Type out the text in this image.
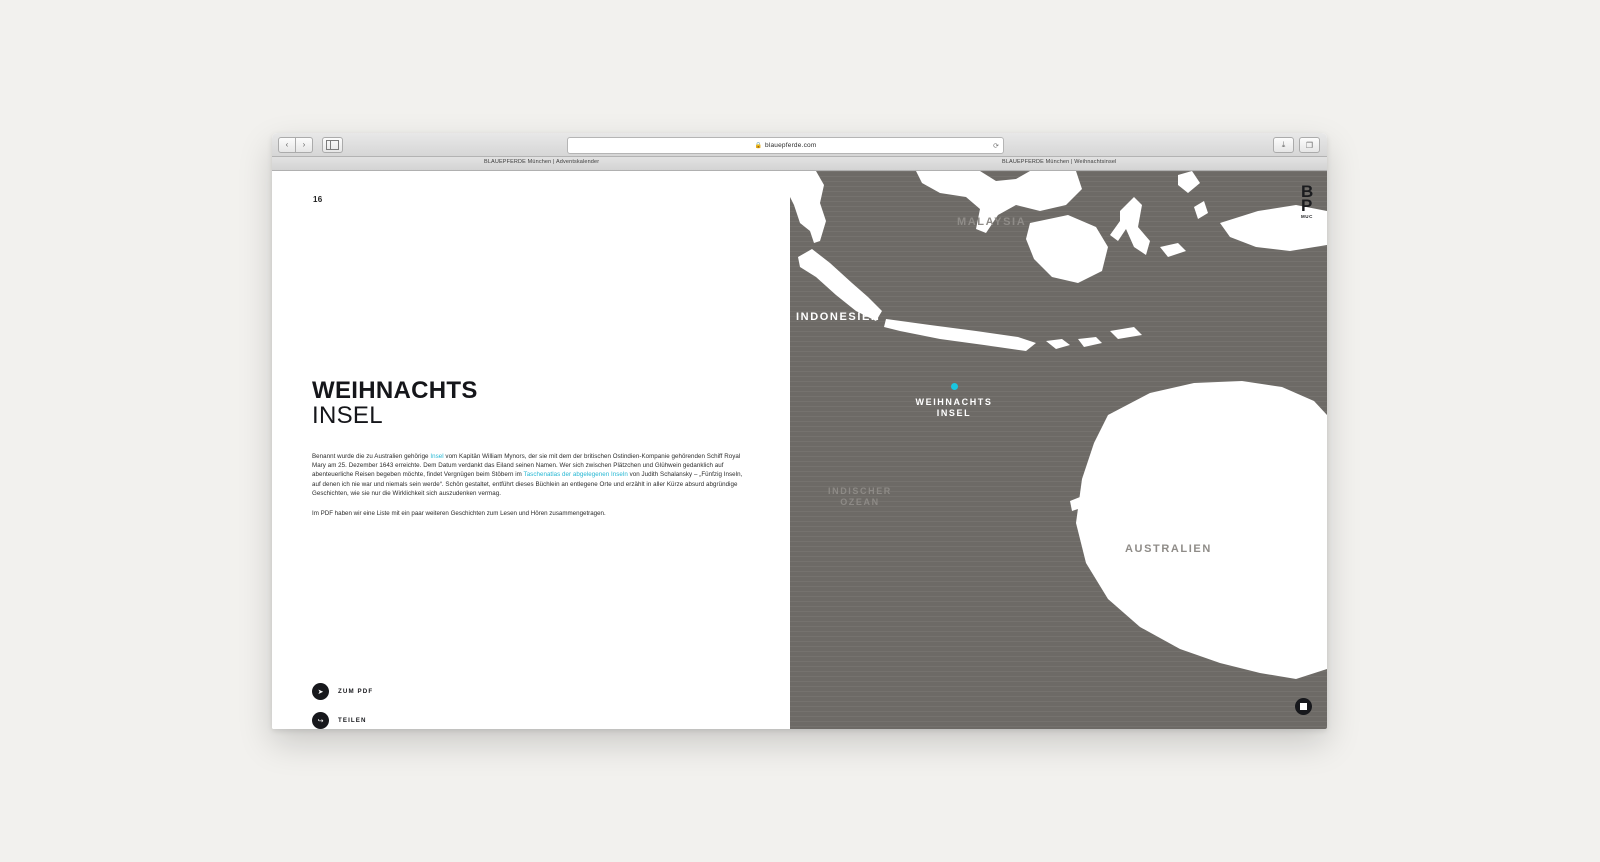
‹ ›	🔒 blauepferde.com	⟳	⤓	❐
BLAUEPFERDE München | Adventskalender	BLAUEPFERDE München | Weihnachtsinsel
16
WEIHNACHTS
INSEL
Benannt wurde die zu Australien gehörige Insel vom Kapitän William Mynors, der sie mit dem der britischen Ostindien-Kompanie gehörenden Schiff Royal Mary am 25. Dezember 1643 erreichte. Dem Datum verdankt das Eiland seinen Namen. Wer sich zwischen Plätzchen und Glühwein gedanklich auf abenteuerliche Reisen begeben möchte, findet Vergnügen beim Stöbern im Taschenatlas der abgelegenen Inseln von Judith Schalansky – „Fünfzig Inseln, auf denen ich nie war und niemals sein werde“. Schön gestaltet, entführt dieses Büchlein an entlegene Orte und erzählt in aller Kürze absurd abgründige Geschichten, wie sie nur die Wirklichkeit sich auszudenken vermag.
Im PDF haben wir eine Liste mit ein paar weiteren Geschichten zum Lesen und Hören zusammengetragen.
➤ ZUM PDF
↪ TEILEN
B
P
MUC
MALAYSIA
INDONESIEN
INDISCHER
OZEAN
AUSTRALIEN
WEIHNACHTS
INSEL
